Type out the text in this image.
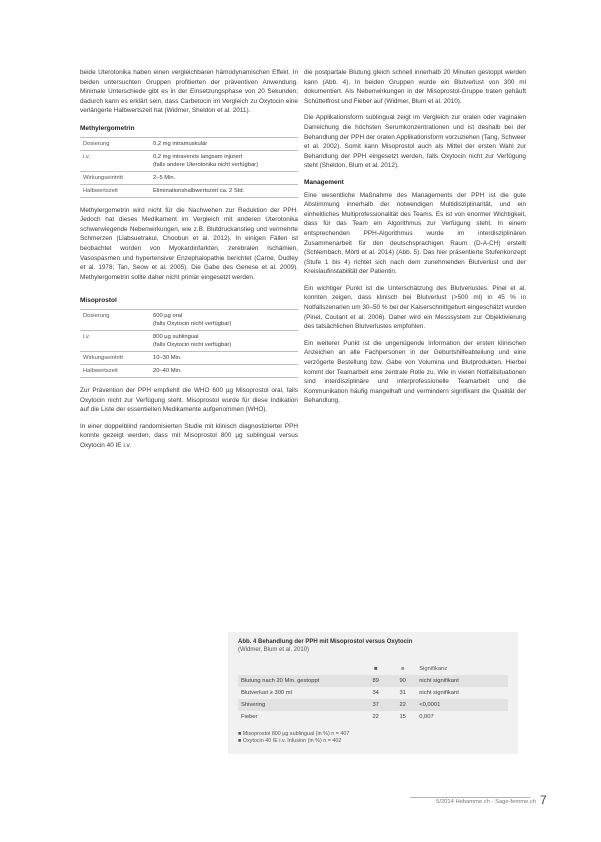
beide Uterotonika haben einen vergleichbaren hämodynamischen Effekt. In beiden untersuchten Gruppen profitierten der präventiven Anwendung. Minimale Unterschiede gibt es in der Einsetzungsphase von 20 Sekunden; dadurch kann es erklärt sein, dass Carbetocin im Vergleich zu Oxytocin eine verlängerte Halbwertszeit hat (Widmer, Sheldon et al. 2011).

Methylergometrin
Dosierung	0,2 mg intramuskulär
i.v.	0,2 mg intravenös langsam injiziert
(falls andere Uterotonika nicht verfügbar)
Wirkungseintritt	2–5 Min.
Halbwertszeit	Eliminationshalbwertszeit ca. 2 Std.

Methylergometrin wird nicht für die Nachwehen zur Reduktion der PPH. Jedoch hat dieses Medikament im Vergleich mit anderen Uterotonika schwerwiegende Nebenwirkungen, wie z.B. Blutdruckanstieg und vermehrte Schmerzen (Liabsuetrakul, Choobun et al. 2012). In einigen Fällen ist beobachtet worden von Myokardinfarkten, zerebralen Ischämien, Vasospasmen und hypertensiver Enzephalopathie berichtet (Carne, Dudley et al. 1978; Tan, Seow et al. 2005). Die Gabe des Genese et al. 2009). Methylergometrin sollte daher nicht primär eingesetzt werden.

Misoprostol
Dosierung	600 µg oral
(falls Oxytocin nicht verfügbar)
i.v.	800 µg sublingual
(falls Oxytocin nicht verfügbar)
Wirkungseintritt	10–30 Min.
Halbwertszeit	20–40 Min.

Zur Prävention der PPH empfiehlt die WHO 600 µg Misoprostol oral, falls Oxytocin nicht zur Verfügung steht. Misoprostol wurde für diese Indikation auf die Liste der essentiellen Medikamente aufgenommen (WHO).

In einer doppelblind randomisierten Studie mit klinisch diagnostizierter PPH konnte gezeigt werden, dass mit Misoprostol 800 µg sublingual versus Oxytocin 40 IE i.v.

die postpartale Blutung gleich schnell innerhalb 20 Minuten gestoppt werden kann (Abb. 4). In beiden Gruppen wurde ein Blutverlust von 300 ml dokumentiert. Als Nebenwirkungen in der Misoprostol-Gruppe traten gehäuft Schüttelfrost und Fieber auf (Widmer, Blum et al. 2010).

Die Applikationsform sublingual zeigt im Vergleich zur oralen oder vaginalen Darreichung die höchsten Serumkonzentrationen und ist deshalb bei der Behandlung der PPH der oralen Applikationsform vorzuziehen (Tang, Schweer et al. 2002). Somit kann Misoprostol auch als Mittel der ersten Wahl zur Behandlung der PPH eingesetzt werden, falls Oxytocin nicht zur Verfügung steht (Sheldon, Blum et al. 2012).

Management

Eine wesentliche Maßnahme des Managements der PPH ist die gute Abstimmung innerhalb der notwendigen Multidisziplinarität, und ein einheitliches Multiprofessionalität des Teams. Es ist von enormer Wichtigkeit, dass für das Team ein Algorithmus zur Verfügung steht. In einem entsprechenden PPH-Algorithmus wurde im interdisziplinären Zusammenarbeit für den deutschsprachigen Raum (D-A-CH) erstellt (Schlembach, Mörtl et al. 2014) (Abb. 5). Das hier präsentierte Stufenkonzept (Stufe 1 bis 4) richtet sich nach dem zunehmenden Blutverlust und der Kreislaufinstabilität der Patientin.

Ein wichtiger Punkt ist die Unterschätzung des Blutverlustes. Pinel et al. konnten zeigen, dass klinisch bei Blutverlust (>500 ml) in 45 % in Notfallszenarien um 30–50 % bei der Kaiserschnittgeburt eingeschätzt wurden (Pinel, Coutant et al. 2006). Daher wird ein Messsystem zur Objektivierung des tatsächlichen Blutverlustes empfohlen.

Ein weiterer Punkt ist die ungenügende Information der ersten klinischen Anzeichen an alle Fachpersonen in der Geburtshilfeabteilung und eine verzögerte Bestellung bzw. Gabe von Volumina und Blutprodukten. Hierbei kommt der Teamarbeit eine zentrale Rolle zu. Wie in vielen Notfallsituationen sind interdisziplinäre und interprofessionelle Teamarbeit und die Kommunikation häufig mangelhaft und vermindern signifikant die Qualität der Behandlung.

Abb. 4 Behandlung der PPH mit Misoprostol versus Oxytocin
(Widmer, Blum et al. 2010)
	■	■	Signifikanz
Blutung nach 20 Min. gestoppt	89	90	nicht signifikant
Blutverlust ≥ 300 ml	34	31	nicht signifikant
Shivering	37	22	<0,0001
Fieber	22	15	0,007
■ Misoprostol 800 µg sublingual (in %) n = 407
■ Oxytocin 40 IE i.v. Infusion (in %) n = 402
5/2014 Hebamme.ch · Sage-femme.ch 7
